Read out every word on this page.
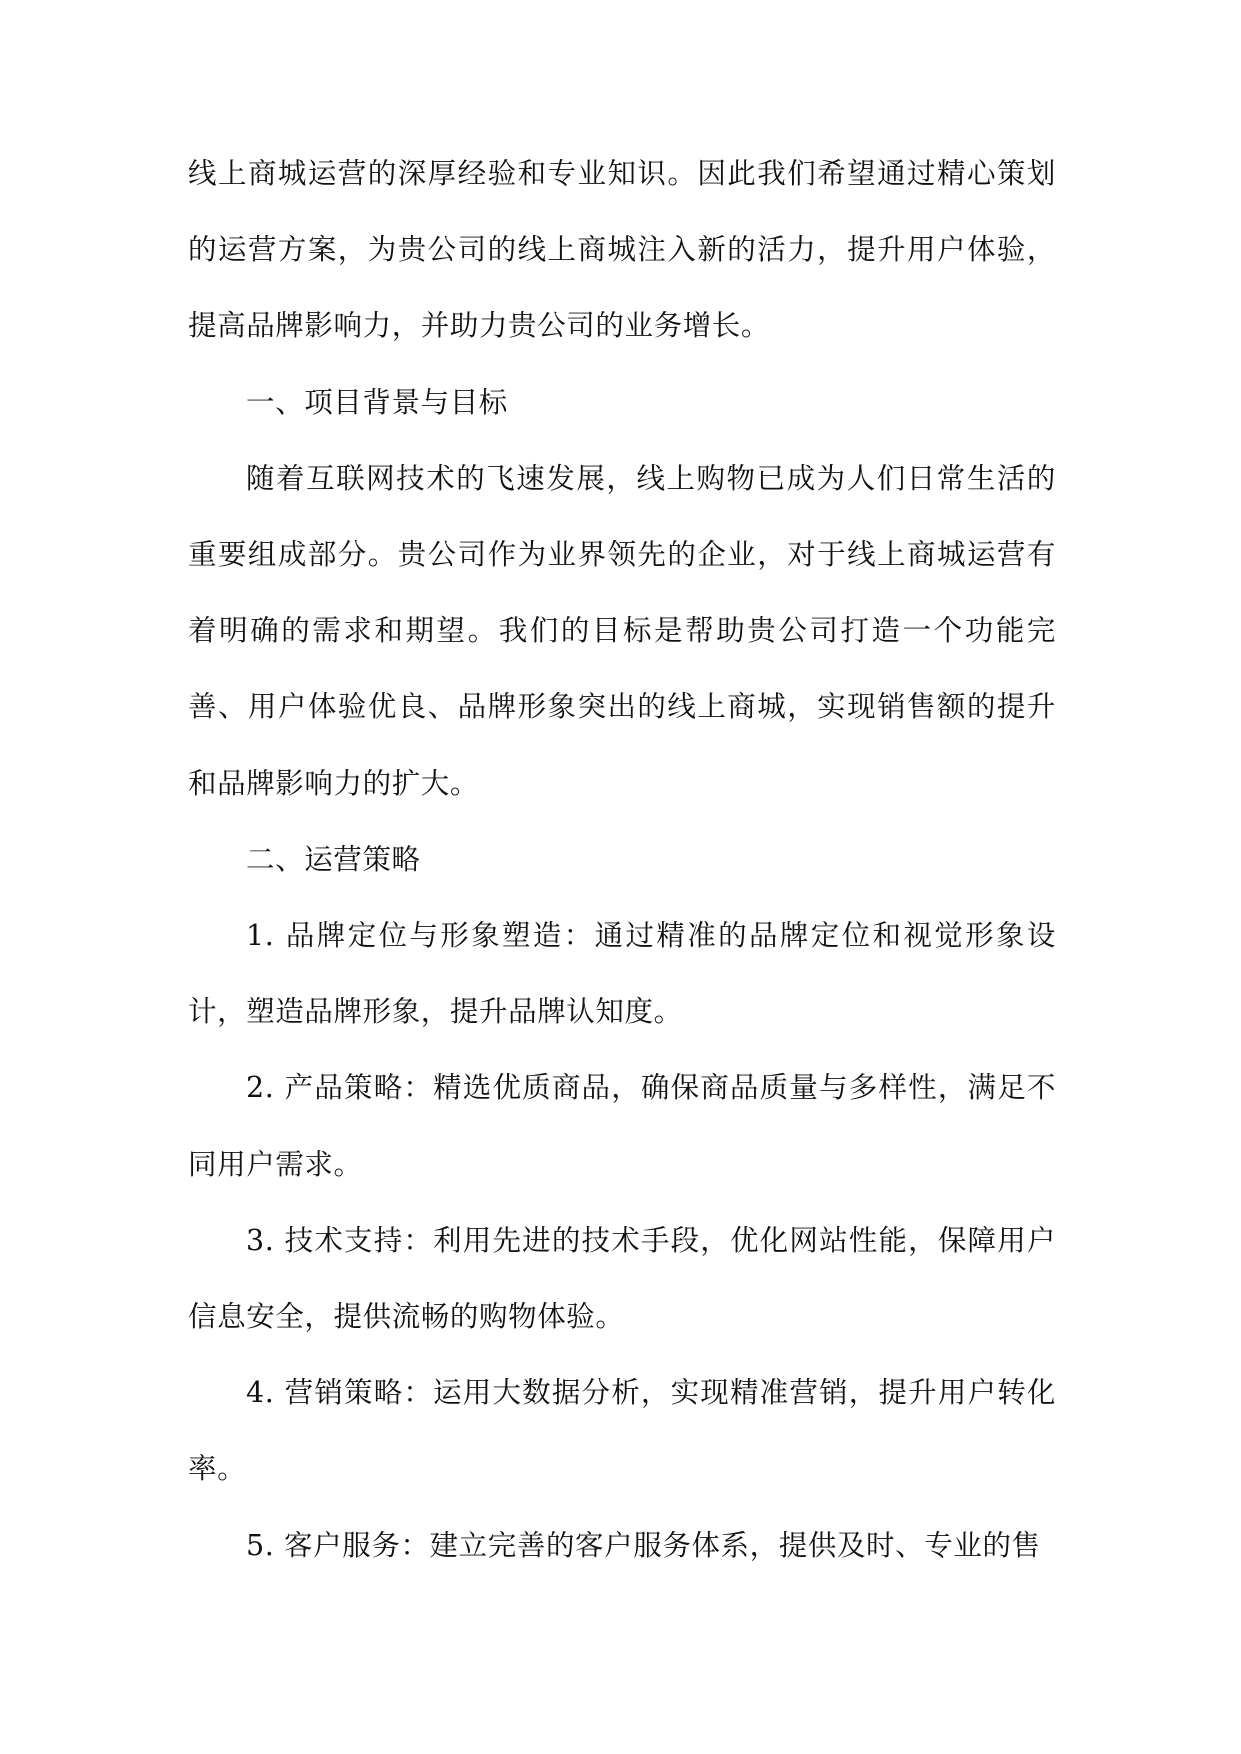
线上商城运营的深厚经验和专业知识。因此我们希望通过精心策划的运营方案，为贵公司的线上商城注入新的活力，提升用户体验，提高品牌影响力，并助力贵公司的业务增长。

一、项目背景与目标

随着互联网技术的飞速发展，线上购物已成为人们日常生活的重要组成部分。贵公司作为业界领先的企业，对于线上商城运营有着明确的需求和期望。我们的目标是帮助贵公司打造一个功能完善、用户体验优良、品牌形象突出的线上商城，实现销售额的提升和品牌影响力的扩大。

二、运营策略

1. 品牌定位与形象塑造：通过精准的品牌定位和视觉形象设计，塑造品牌形象，提升品牌认知度。

2. 产品策略：精选优质商品，确保商品质量与多样性，满足不同用户需求。

3. 技术支持：利用先进的技术手段，优化网站性能，保障用户信息安全，提供流畅的购物体验。

4. 营销策略：运用大数据分析，实现精准营销，提升用户转化率。

5. 客户服务：建立完善的客户服务体系，提供及时、专业的售
